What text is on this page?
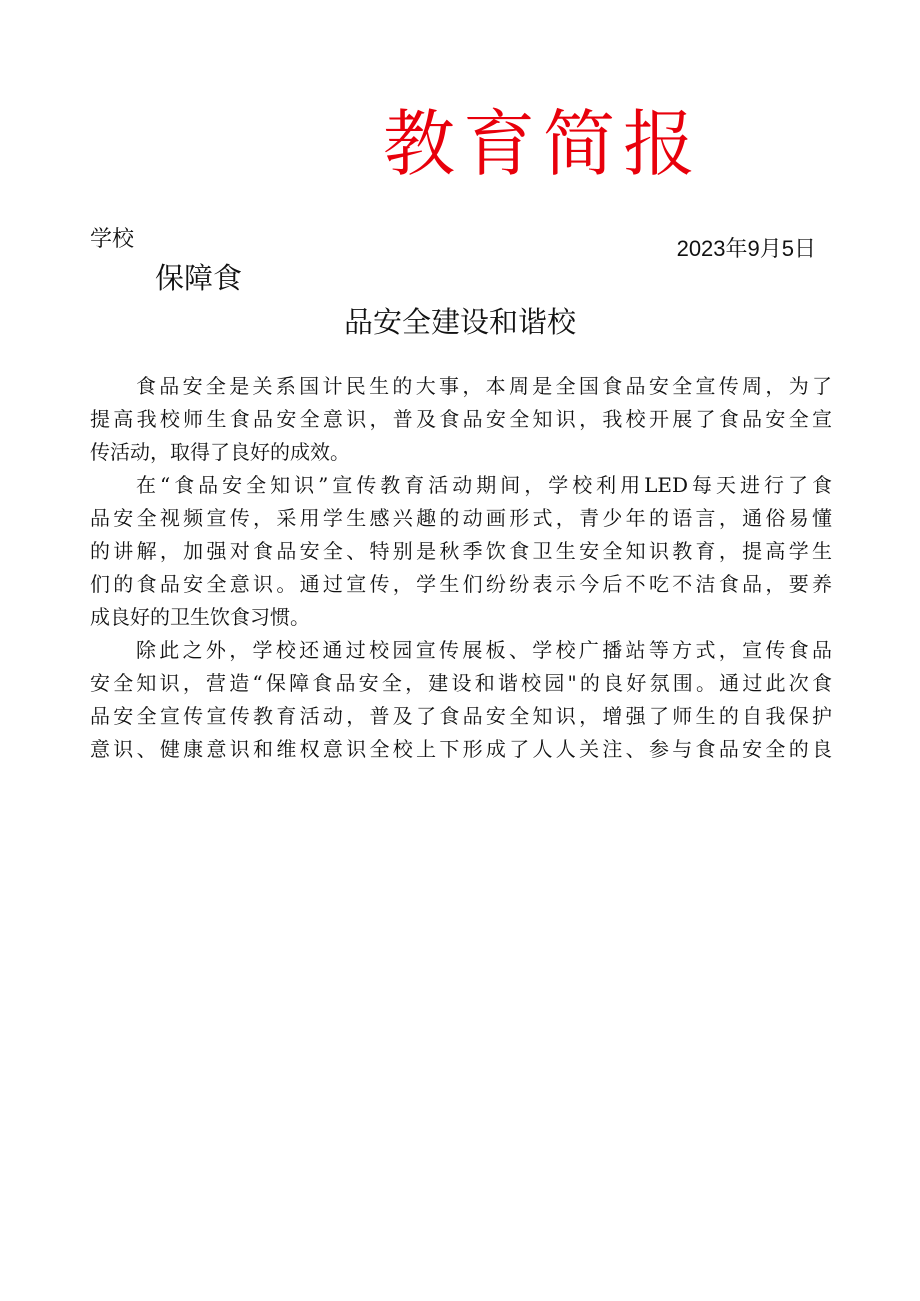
教育简报
学校	2023年9月5日
保障食
品安全建设和谐校
食品安全是关系国计民生的大事，本周是全国食品安全宣传周，为了
提高我校师生食品安全意识，普及食品安全知识，我校开展了食品安全宣
传活动，取得了良好的成效。
在“食品安全知识”宣传教育活动期间，学校利用LED每天进行了食
品安全视频宣传，采用学生感兴趣的动画形式，青少年的语言，通俗易懂
的讲解，加强对食品安全、特别是秋季饮食卫生安全知识教育，提高学生
们的食品安全意识。通过宣传，学生们纷纷表示今后不吃不洁食品，要养
成良好的卫生饮食习惯。
除此之外，学校还通过校园宣传展板、学校广播站等方式，宣传食品
安全知识，营造“保障食品安全，建设和谐校园"的良好氛围。通过此次食
品安全宣传宣传教育活动，普及了食品安全知识，增强了师生的自我保护
意识、健康意识和维权意识全校上下形成了人人关注、参与食品安全的良
